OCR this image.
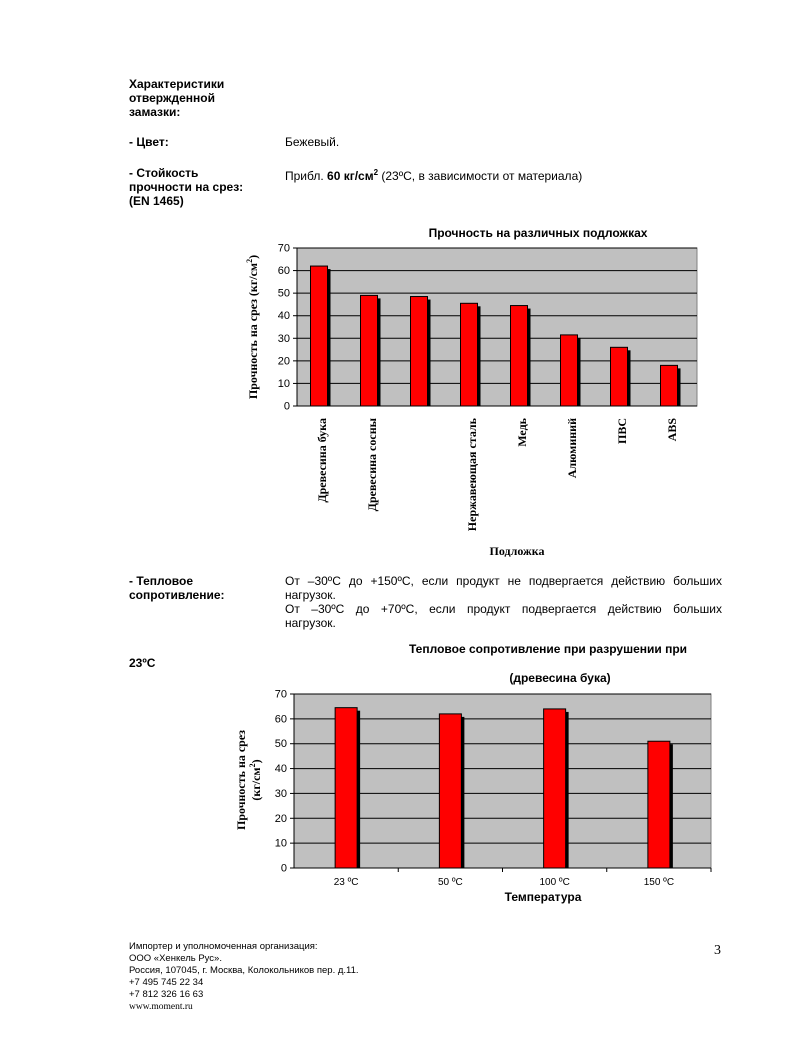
Характеристики
отвержденной
замазки:
- Цвет:	Бежевый.
- Стойкость
прочности на срез:
(EN 1465)
Прибл. 60 $кг/см^2$ (23ºС, в зависимости от материала)
0
10
20
30
40
50
60
70
Древесина бука	Древесина сосны	Нержавеющая сталь	Медь	Алюминий	ПВС	ABS
Прочность на различных подложках
Подложка
Прочность на срез $(кг/см^2)$
- Тепловое
сопротивление:
От –30ºС до +150ºС, если продукт не подвергается действию больших
нагрузок.
От –30ºС до +70ºС, если продукт подвергается действию больших
нагрузок.
23ºС
0
10
20
30
40
50
60
70
23 ºС	50 ºС	100 ºС	150 ºС
Тепловое сопротивление при разрушении при
(древесина бука)
Температура
Прочность на срез $(кг/см^2)$
Импортер и уполномоченная организация:
ООО «Хенкель Рус».
Россия, 107045, г. Москва, Колокольников пер. д.11.
+7 495 745 22 34
+7 812 326 16 63
www.moment.ru
3
